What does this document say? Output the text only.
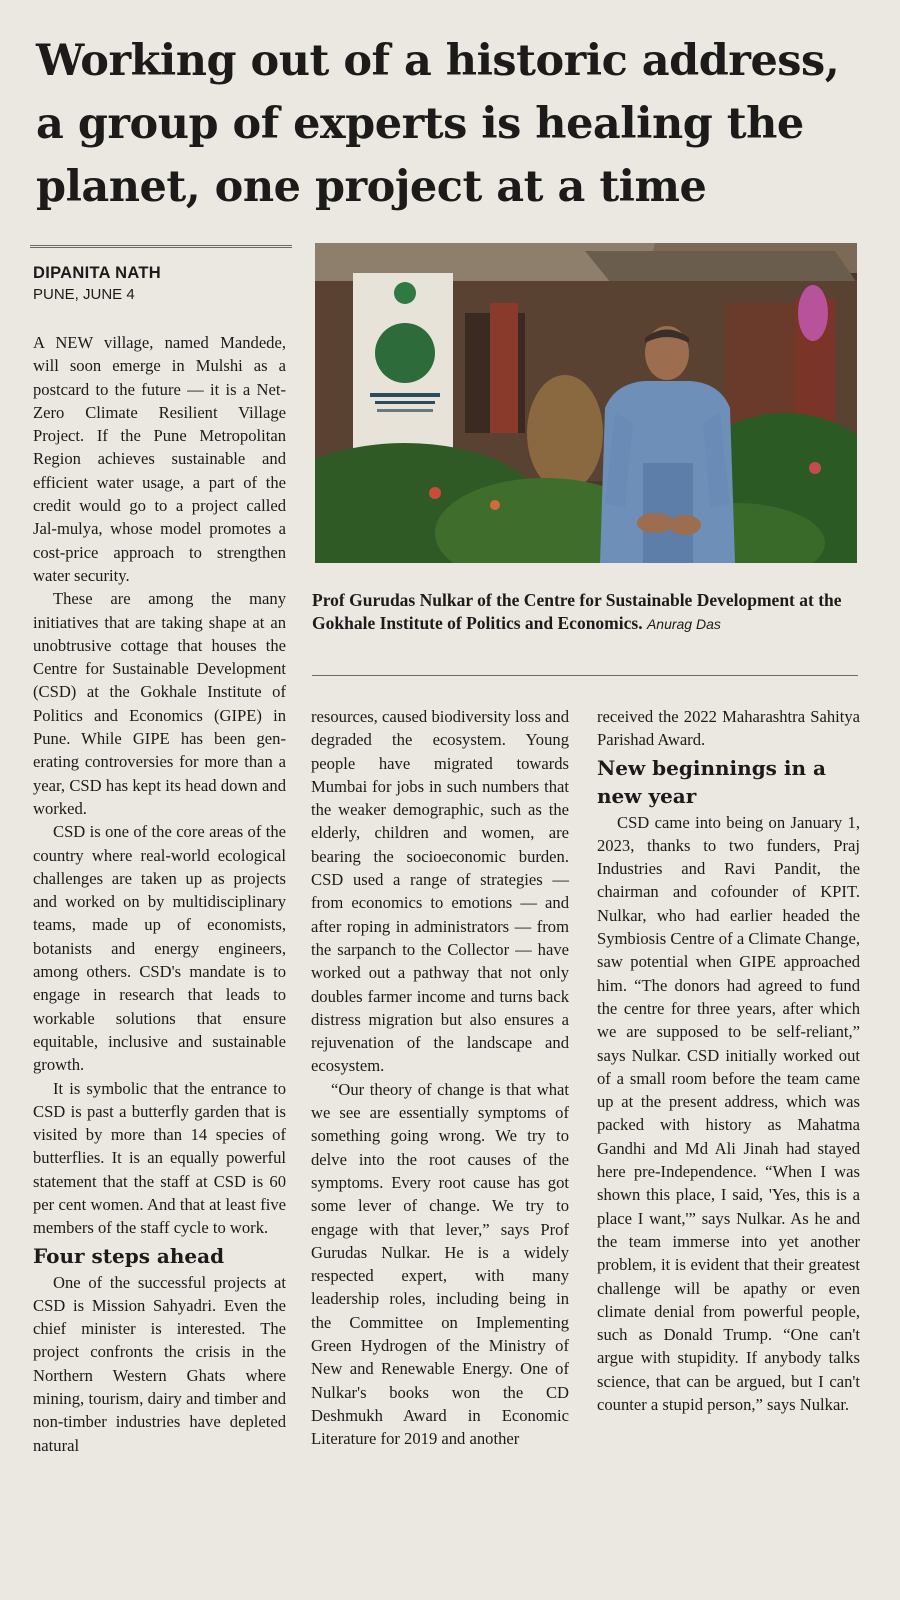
Working out of a historic address, a group of experts is healing the planet, one project at a time
DIPANITA NATH
PUNE, JUNE 4
Prof Gurudas Nulkar of the Centre for Sustainable Development at the Gokhale Institute of Politics and Economics. Anurag Das

A NEW village, named Mandede, will soon emerge in Mulshi as a postcard to the future — it is a Net-Zero Climate Resilient Village Project. If the Pune Metropolitan Region achieves sustainable and efficient water usage, a part of the credit would go to a project called Jal-mulya, whose model promotes a cost-price approach to strengthen water security.

These are among the many initiatives that are taking shape at an unobtrusive cottage that houses the Centre for Sustainable Development (CSD) at the Gokhale Institute of Politics and Economics (GIPE) in Pune. While GIPE has been generating controversies for more than a year, CSD has kept its head down and worked.

CSD is one of the core areas of the country where real-world ecological challenges are taken up as projects and worked on by multidisciplinary teams, made up of economists, botanists and energy engineers, among others. CSD's mandate is to engage in research that leads to workable solutions that ensure equitable, inclusive and sustainable growth.

It is symbolic that the entrance to CSD is past a butterfly garden that is visited by more than 14 species of butterflies. It is an equally powerful statement that the staff at CSD is 60 per cent women. And that at least five members of the staff cycle to work.

Four steps ahead

One of the successful projects at CSD is Mission Sahyadri. Even the chief minister is interested. The project confronts the crisis in the Northern Western Ghats where mining, tourism, dairy and timber and non-timber industries have depleted natural

resources, caused biodiversity loss and degraded the ecosystem. Young people have migrated towards Mumbai for jobs in such numbers that the weaker demographic, such as the elderly, children and women, are bearing the socioeconomic burden. CSD used a range of strategies — from economics to emotions — and after roping in administrators — from the sarpanch to the Collector — have worked out a pathway that not only doubles farmer income and turns back distress migration but also ensures a rejuvenation of the landscape and ecosystem.

“Our theory of change is that what we see are essentially symptoms of something going wrong. We try to delve into the root causes of the symptoms. Every root cause has got some lever of change. We try to engage with that lever,” says Prof Gurudas Nulkar. He is a widely respected expert, with many leadership roles, including being in the Committee on Implementing Green Hydrogen of the Ministry of New and Renewable Energy. One of Nulkar's books won the CD Deshmukh Award in Economic Literature for 2019 and another

received the 2022 Maharashtra Sahitya Parishad Award.

New beginnings in a new year

CSD came into being on January 1, 2023, thanks to two funders, Praj Industries and Ravi Pandit, the chairman and cofounder of KPIT. Nulkar, who had earlier headed the Symbiosis Centre of a Climate Change, saw potential when GIPE approached him. “The donors had agreed to fund the centre for three years, after which we are supposed to be self-reliant,” says Nulkar. CSD initially worked out of a small room before the team came up at the present address, which was packed with history as Mahatma Gandhi and Md Ali Jinah had stayed here pre-Independence. “When I was shown this place, I said, 'Yes, this is a place I want,'” says Nulkar. As he and the team immerse into yet another problem, it is evident that their greatest challenge will be apathy or even climate denial from powerful people, such as Donald Trump. “One can't argue with stupidity. If anybody talks science, that can be argued, but I can't counter a stupid person,” says Nulkar.
